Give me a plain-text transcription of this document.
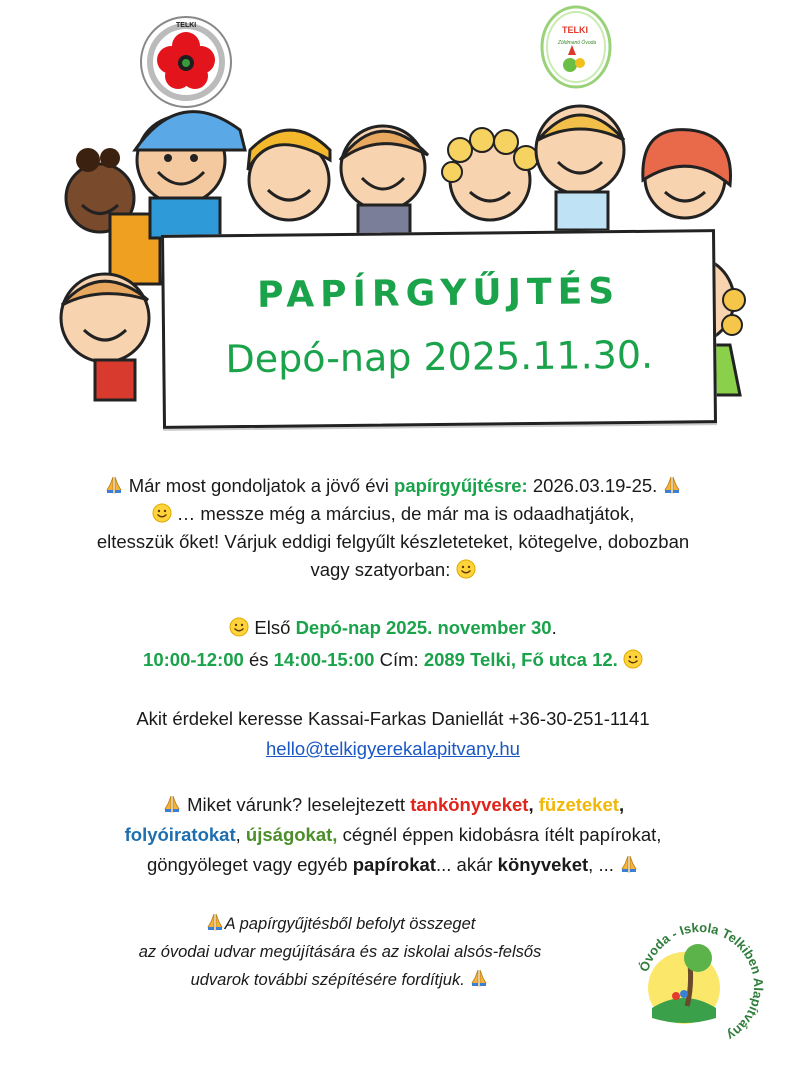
TELKI	TELKI
Zöldmanó Óvoda
PAPÍRGYŰJTÉS
Depó-nap 2025.11.30.

Már most gondoljatok a jövő évi papírgyűjtésre: 2026.03.19-25.
… messze még a március, de már ma is odaadhatjátok,
eltesszük őket! Várjuk eddigi felgyűlt készleteteket, kötegelve, dobozban
vagy szatyorban:

Első Depó-nap 2025. november 30.
10:00-12:00 és 14:00-15:00 Cím: 2089 Telki, Fő utca 12.

Akit érdekel keresse Kassai-Farkas Daniellát +36-30-251-1141
hello@telkigyerekalapitvany.hu

Miket várunk? leselejtezett tankönyveket, füzeteket,
folyóiratokat, újságokat, cégnél éppen kidobásra ítélt papírokat,
göngyöleget vagy egyéb papírokat... akár könyveket, ...

A papírgyűjtésből befolyt összeget
az óvodai udvar megújítására és az iskolai alsós-felsős
udvarok további szépítésére fordítjuk.

Óvoda - Iskola Telkiben Alapítvány
